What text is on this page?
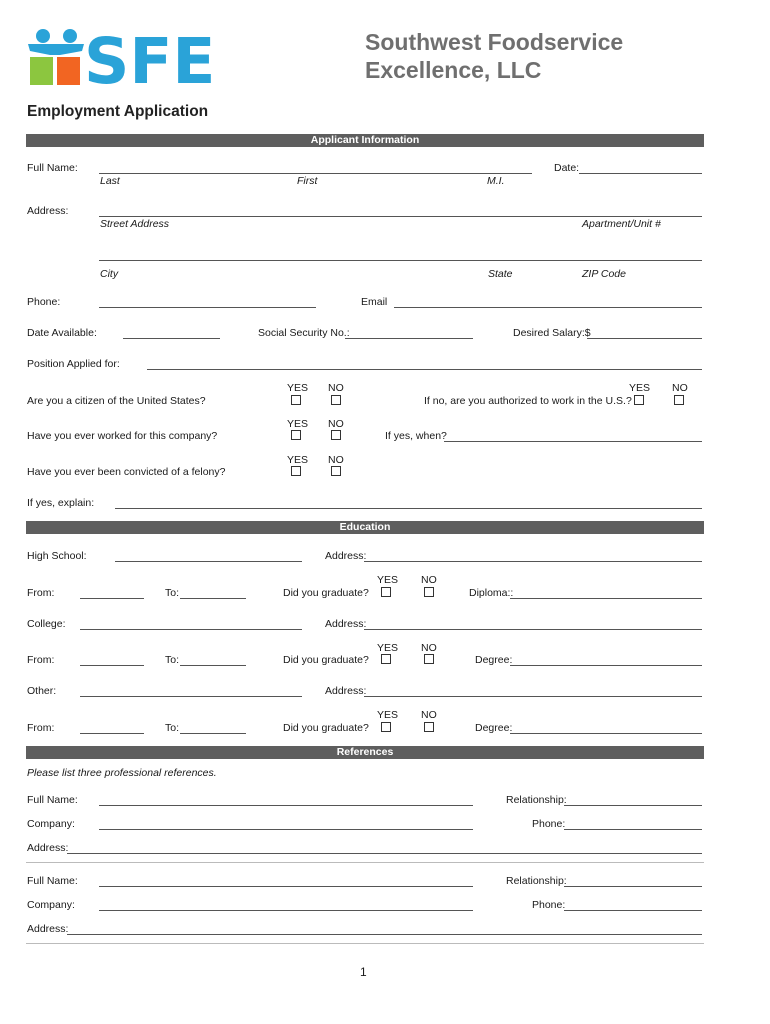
SFE	Southwest Foodservice
Excellence, LLC
Employment Application
Applicant Information
Full Name:
Last	First	M.I.
Date:
Address:
Street Address	Apartment/Unit #
City	State	ZIP Code
Phone:	Email
Date Available:	Social Security No.:	Desired Salary:$
Position Applied for:
YES NO
Are you a citizen of the United States?
YES NO
If no, are you authorized to work in the U.S.?
YES NO
Have you ever worked for this company?	If yes, when?
YES NO
Have you ever been convicted of a felony?
If yes, explain:
Education
High School:	Address:
YES NO
From:	To:	Did you graduate?	Diploma::
College:	Address:
YES NO
From:	To:	Did you graduate?	Degree:
Other:	Address:
YES NO
From:	To:	Did you graduate?	Degree:
References
Please list three professional references.
Full Name:	Relationship:
Company:	Phone:
Address:
Full Name:	Relationship:
Company:	Phone:
Address:
1
